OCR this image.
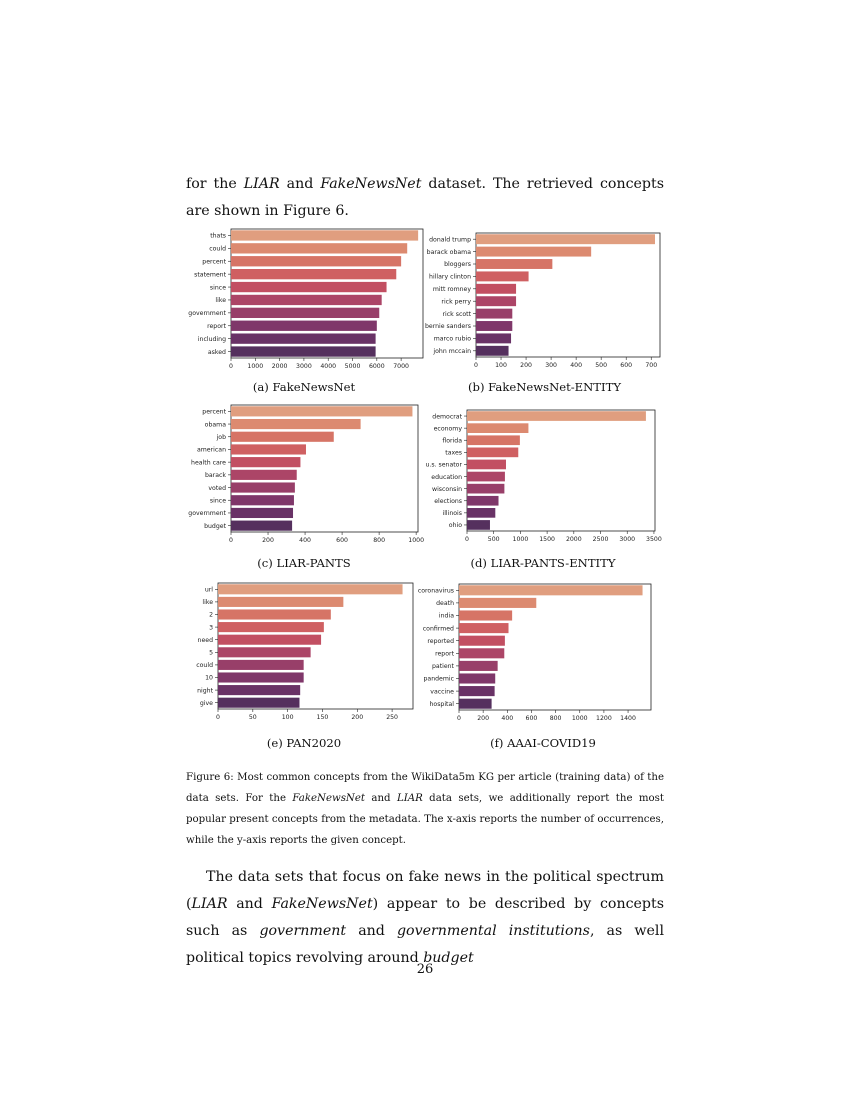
for the LIAR and FakeNewsNet dataset. The retrieved concepts are shown in Figure 6.

thats
could
percent
statement
since
like
government
report
including
asked
0 1000 2000 3000 4000 5000 6000 7000
donald trump
barack obama
bloggers
hillary clinton
mitt romney
rick perry
rick scott
bernie sanders
marco rubio
john mccain
0	100 200 300 400 500 600 700
percent
obama
job
american
health care
barack
voted
since
government
budget
0	200	400	600	800	1000
democrat
economy
florida
taxes
u.s. senator
education
wisconsin
elections
illinois
ohio
0	500 1000 1500 2000 2500 3000 3500
url
like
2
3
need
5
could
10
night
give
0	50	100	150	200	250
coronavirus
death
india
confirmed
reported
report
patient
pandemic
vaccine
hospital
0	200 400 600 800 1000 1200 1400
(a) FakeNewsNet	(b) FakeNewsNet-ENTITY
(c) LIAR-PANTS	(d) LIAR-PANTS-ENTITY
(e) PAN2020	(f) AAAI-COVID19

Figure 6: Most common concepts from the WikiData5m KG per article (training data) of the data sets. For the FakeNewsNet and LIAR data sets, we additionally report the most popular present concepts from the metadata. The x-axis reports the number of occurrences, while the y-axis reports the given concept.

The data sets that focus on fake news in the political spectrum (LIAR and FakeNewsNet) appear to be described by concepts such as government and governmental institutions, as well political topics revolving around budget

26
